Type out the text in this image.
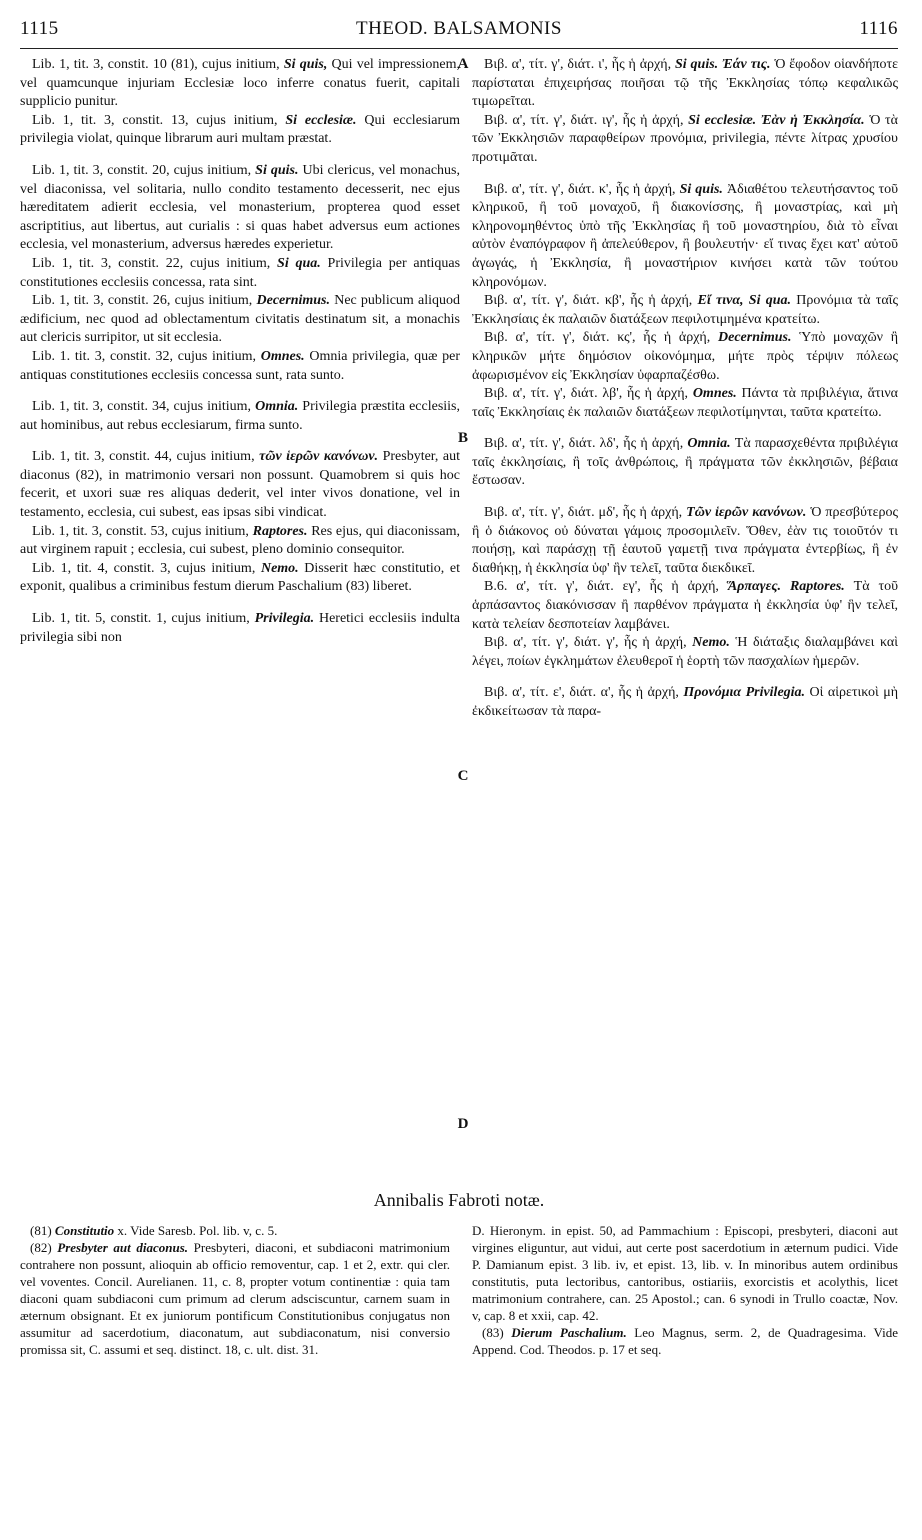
1115	THEOD. BALSAMONIS	1116

Lib. 1, tit. 3, constit. 10 (81), cujus initium, Si quis, Qui vel impressionem, vel quamcunque injuriam Ecclesiæ loco inferre conatus fuerit, capitali supplicio punitur.

Lib. 1, tit. 3, constit. 13, cujus initium, Si ecclesiæ. Qui ecclesiarum privilegia violat, quinque librarum auri multam præstat.

Lib. 1, tit. 3, constit. 20, cujus initium, Si quis. Ubi clericus, vel monachus, vel diaconissa, vel solitaria, nullo condito testamento decesserit, nec ejus hæreditatem adierit ecclesia, vel monasterium, propterea quod esset ascriptitius, aut libertus, aut curialis : si quas habet adversus eum actiones ecclesia, vel monasterium, adversus hæredes experietur.

Lib. 1, tit. 3, constit. 22, cujus initium, Si qua. Privilegia per antiquas constitutiones ecclesiis concessa, rata sint.

Lib. 1, tit. 3, constit. 26, cujus initium, Decernimus. Nec publicum aliquod ædificium, nec quod ad oblectamentum civitatis destinatum sit, a monachis aut clericis surripitor, ut sit ecclesia.

Lib. 1. tit. 3, constit. 32, cujus initium, Omnes. Omnia privilegia, quæ per antiquas constitutiones ecclesiis concessa sunt, rata sunto.

Lib. 1, tit. 3, constit. 34, cujus initium, Omnia. Privilegia præstita ecclesiis, aut hominibus, aut rebus ecclesiarum, firma sunto.

Lib. 1, tit. 3, constit. 44, cujus initium, τῶν ἱερῶν κανόνων. Presbyter, aut diaconus (82), in matrimonio versari non possunt. Quamobrem si quis hoc fecerit, et uxori suæ res aliquas dederit, vel inter vivos donatione, vel in testamento, ecclesia, cui subest, eas ipsas sibi vindicat.

Lib. 1, tit. 3, constit. 53, cujus initium, Raptores. Res ejus, qui diaconissam, aut virginem rapuit ; ecclesia, cui subest, pleno dominio consequitor.

Lib. 1, tit. 4, constit. 3, cujus initium, Nemo. Disserit hæc constitutio, et exponit, qualibus a criminibus festum dierum Paschalium (83) liberet.

Lib. 1, tit. 5, constit. 1, cujus initium, Privilegia. Heretici ecclesiis indulta privilegia sibi non

Βιβ. α', τίτ. γ', διάτ. ι', ἧς ἡ ἀρχή, Si quis. Ἐάν τις. Ὁ ἔφοδον οἱανδήποτε παρίσταται ἐπιχειρήσας ποιῆσαι τῷ τῆς Ἐκκλησίας τόπῳ κεφαλικῶς τιμωρεῖται.

Βιβ. α', τίτ. γ', διάτ. ιγ', ἧς ἡ ἀρχή, Si ecclesiæ. Ἐὰν ἡ Ἐκκλησία. Ὁ τὰ τῶν Ἐκκλησιῶν παραφθείρων προνόμια, privilegia, πέντε λίτρας χρυσίου προτιμᾶται.

Βιβ. α', τίτ. γ', διάτ. κ', ἧς ἡ ἀρχή, Si quis. Ἀδιαθέτου τελευτήσαντος τοῦ κληρικοῦ, ἢ τοῦ μοναχοῦ, ἢ διακονίσσης, ἢ μοναστρίας, καὶ μὴ κληρονομηθέντος ὑπὸ τῆς Ἐκκλησίας ἢ τοῦ μοναστηρίου, διὰ τὸ εἶναι αὐτὸν ἐναπόγραφον ἢ ἀπελεύθερον, ἢ βουλευτήν· εἴ τινας ἔχει κατ' αὐτοῦ ἀγωγάς, ἡ Ἐκκλησία, ἢ μοναστήριον κινήσει κατὰ τῶν τούτου κληρονόμων.

Βιβ. α', τίτ. γ', διάτ. κβ', ἧς ἡ ἀρχή, Εἴ τινα, Si qua. Προνόμια τὰ ταῖς Ἐκκλησίαις ἐκ παλαιῶν διατάξεων πεφιλοτιμημένα κρατείτω.

Βιβ. α', τίτ. γ', διάτ. κς', ἧς ἡ ἀρχή, Decernimus. Ὑπὸ μοναχῶν ἢ κληρικῶν μήτε δημόσιον οἰκονόμημα, μήτε πρὸς τέρψιν πόλεως ἀφωρισμένον εἰς Ἐκκλησίαν ὑφαρπαζέσθω.

Βιβ. α', τίτ. γ', διάτ. λβ', ἧς ἡ ἀρχή, Omnes. Πάντα τὰ πριβιλέγια, ἅτινα ταῖς Ἐκκλησίαις ἐκ παλαιῶν διατάξεων πεφιλοτίμηνται, ταῦτα κρατείτω.

Βιβ. α', τίτ. γ', διάτ. λδ', ἧς ἡ ἀρχή, Omnia. Τὰ παρασχεθέντα πριβιλέγια ταῖς ἐκκλησίαις, ἢ τοῖς ἀνθρώποις, ἢ πράγματα τῶν ἐκκλησιῶν, βέβαια ἔστωσαν.

Βιβ. α', τίτ. γ', διάτ. μδ', ἧς ἡ ἀρχή, Τῶν ἱερῶν κανόνων. Ὁ πρεσβύτερος ἢ ὁ διάκονος οὐ δύναται γάμοις προσομιλεῖν. Ὅθεν, ἐὰν τις τοιοῦτόν τι ποιήσῃ, καὶ παράσχῃ τῇ ἑαυτοῦ γαμετῇ τινα πράγματα ἐντερβίως, ἢ ἐν διαθήκῃ, ἡ ἐκκλησία ὑφ' ἣν τελεῖ, ταῦτα διεκδικεῖ.

Β.6. α', τίτ. γ', διάτ. εγ', ἧς ἡ ἀρχή, Ἅρπαγες. Raptores. Τὰ τοῦ ἁρπάσαντος διακόνισσαν ἢ παρθένον πράγματα ἡ ἐκκλησία ὑφ' ἣν τελεῖ, κατὰ τελείαν δεσποτείαν λαμβάνει.

Βιβ. α', τίτ. γ', διάτ. γ', ἧς ἡ ἀρχή, Nemo. Ἡ διάταξις διαλαμβάνει καὶ λέγει, ποίων ἐγκλημάτων ἐλευθεροῖ ἡ ἑορτὴ τῶν πασχαλίων ἡμερῶν.

Βιβ. α', τίτ. ε', διάτ. α', ἧς ἡ ἀρχή, Προνόμια Privilegia. Οἱ αἱρετικοὶ μὴ ἐκδικείτωσαν τὰ παρα-

A
B
C
D
Annibalis Fabroti notæ.

(81) Constitutio x. Vide Saresb. Pol. lib. v, c. 5.

(82) Presbyter aut diaconus. Presbyteri, diaconi, et subdiaconi matrimonium contrahere non possunt, alioquin ab officio removentur, cap. 1 et 2, extr. qui cler. vel voventes. Concil. Aurelianen. 11, c. 8, propter votum continentiæ : quia tam diaconi quam subdiaconi cum primum ad clerum adsciscuntur, carnem suam in æternum obsignant. Et ex juniorum pontificum Constitutionibus conjugatus non assumitur ad sacerdotium, diaconatum, aut subdiaconatum, nisi conversio promissa sit, C. assumi et seq. distinct. 18, c. ult. dist. 31.

D. Hieronym. in epist. 50, ad Pammachium : Episcopi, presbyteri, diaconi aut virgines eliguntur, aut vidui, aut certe post sacerdotium in æternum pudici. Vide P. Damianum epist. 3 lib. iv, et epist. 13, lib. v. In minoribus autem ordinibus constitutis, puta lectoribus, cantoribus, ostiariis, exorcistis et acolythis, licet matrimonium contrahere, can. 25 Apostol.; can. 6 synodi in Trullo coactæ, Nov. v, cap. 8 et xxii, cap. 42.

(83) Dierum Paschalium. Leo Magnus, serm. 2, de Quadragesima. Vide Append. Cod. Theodos. p. 17 et seq.
